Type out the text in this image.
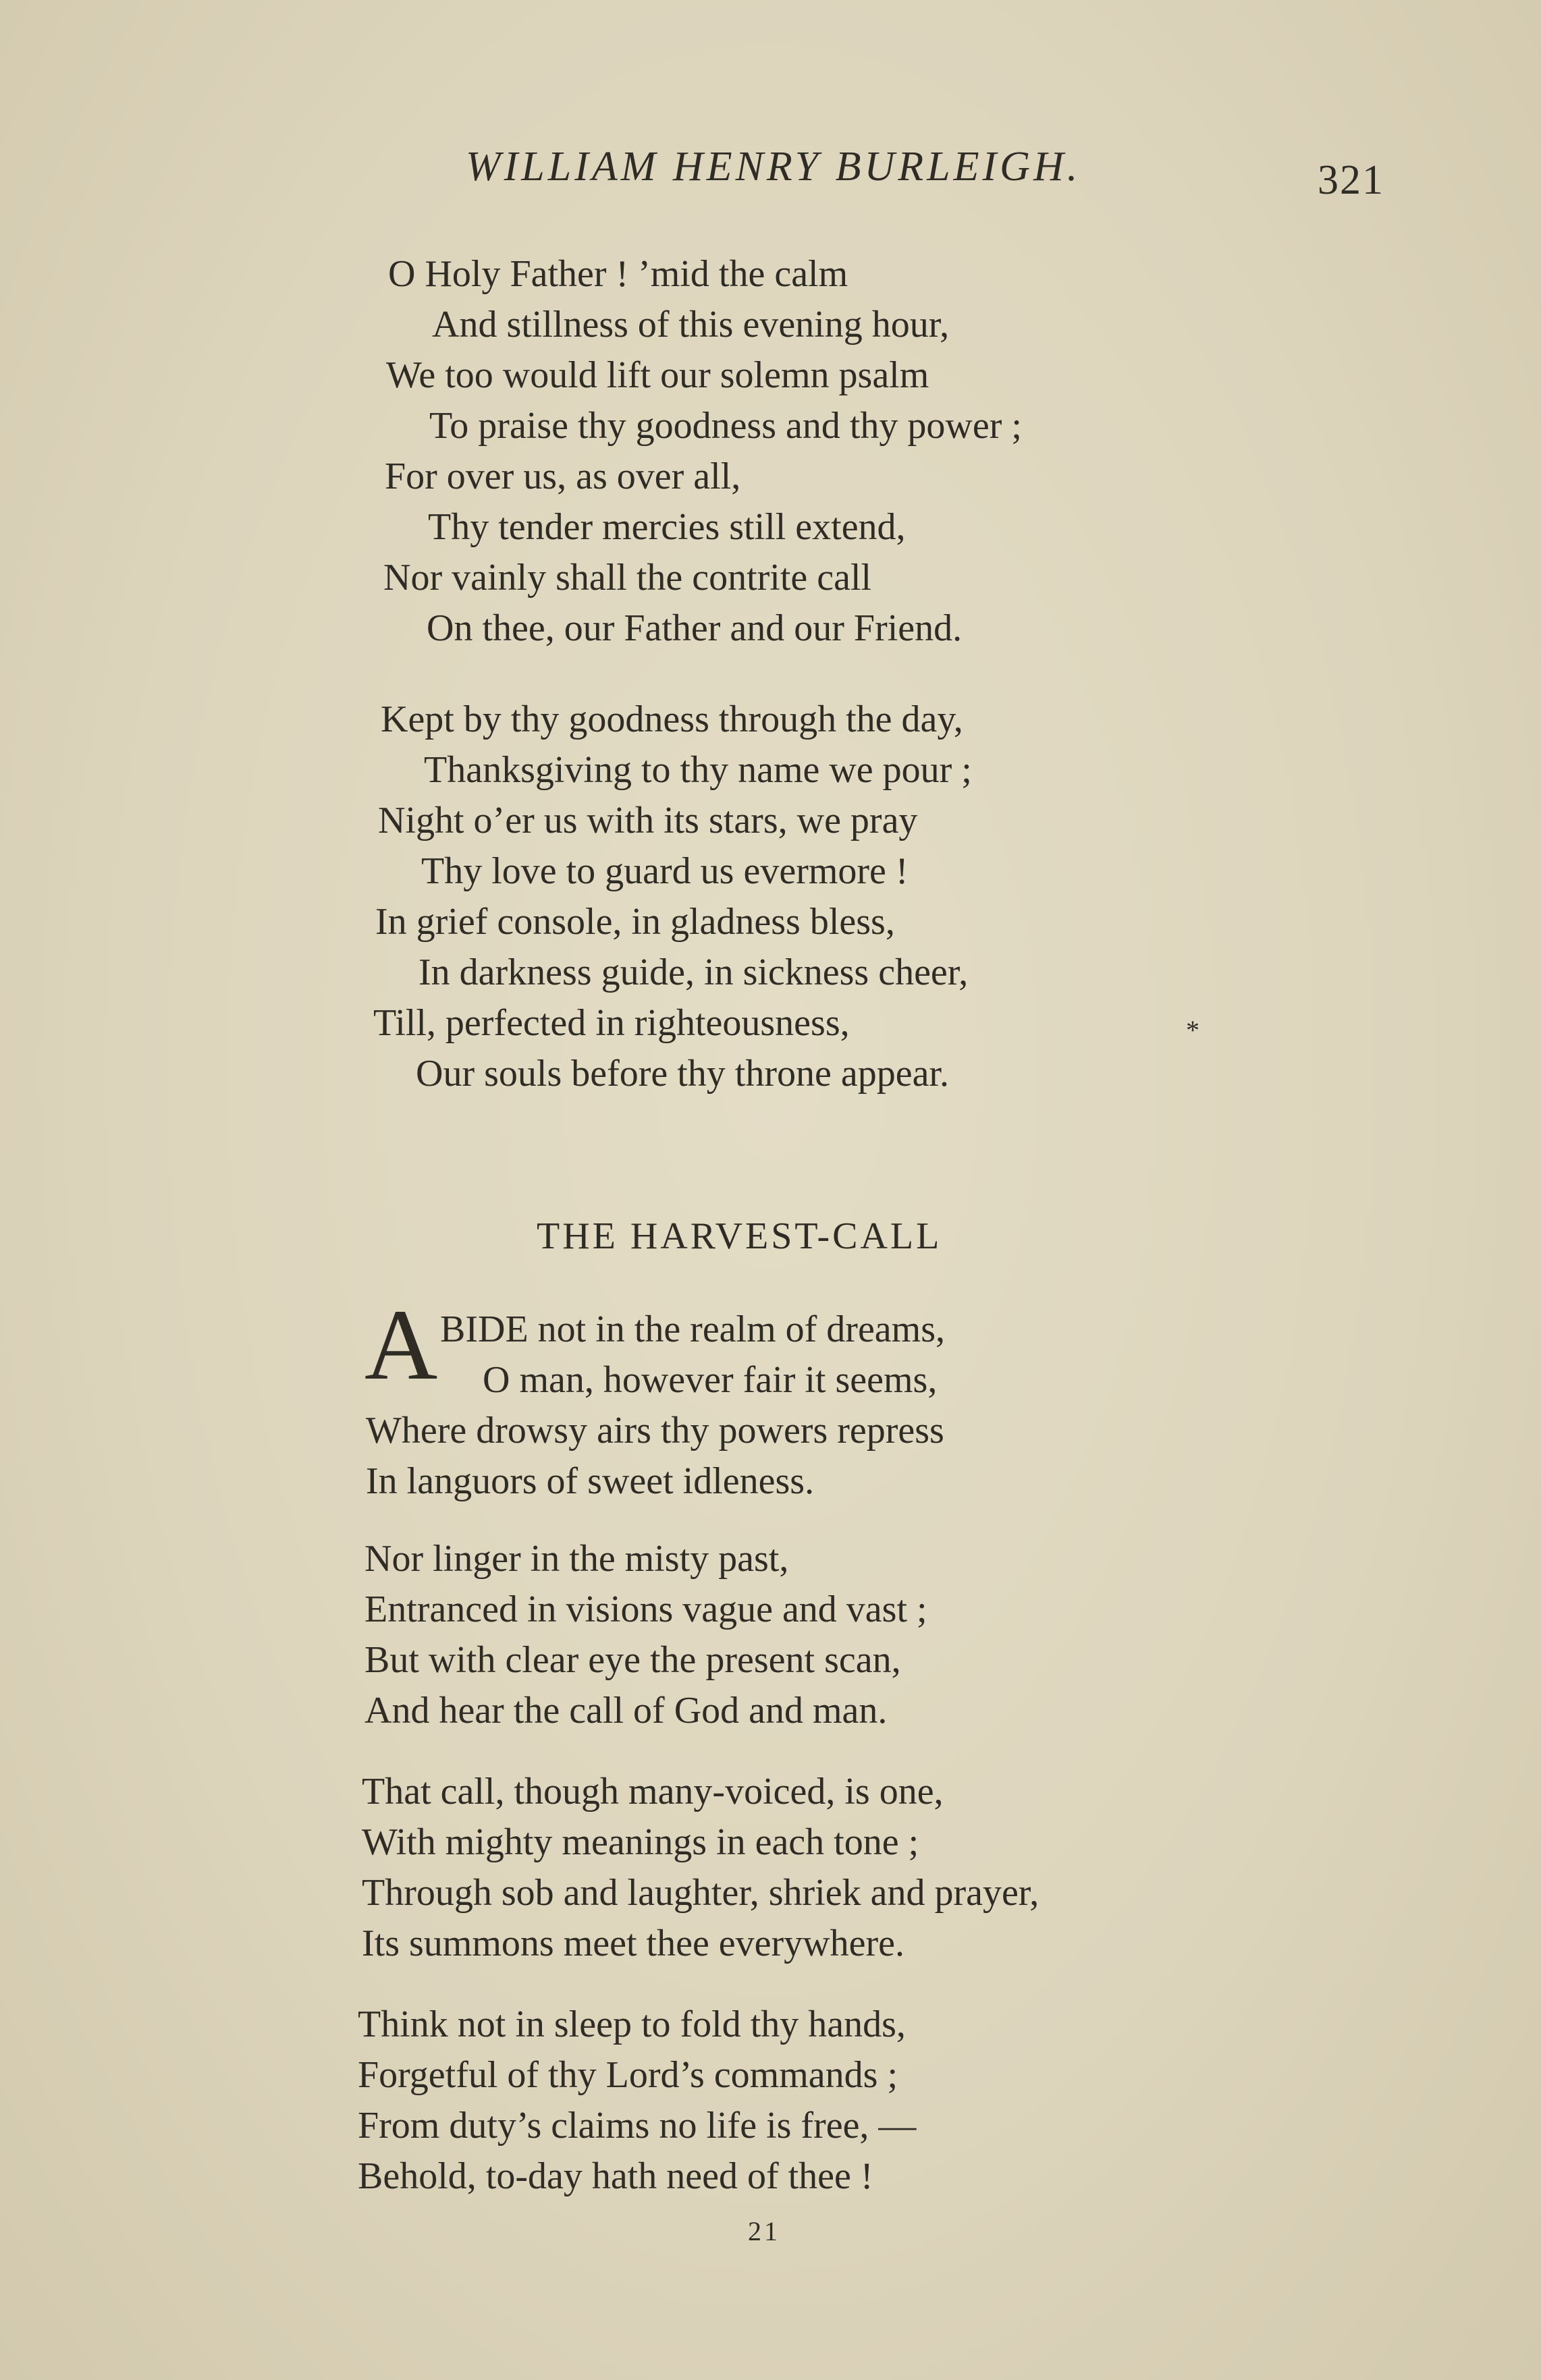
WILLIAM HENRY BURLEIGH.	321
O Holy Father ! ’mid the calm
And stillness of this evening hour,
We too would lift our solemn psalm
To praise thy goodness and thy power ;
For over us, as over all,
Thy tender mercies still extend,
Nor vainly shall the contrite call
On thee, our Father and our Friend.
Kept by thy goodness through the day,
Thanksgiving to thy name we pour ;
Night o’er us with its stars, we pray
Thy love to guard us evermore !
In grief console, in gladness bless,
In darkness guide, in sickness cheer,
Till, perfected in righteousness,
Our souls before thy throne appear.
*
THE HARVEST-CALL
A BIDE not in the realm of dreams,
O man, however fair it seems,
Where drowsy airs thy powers repress
In languors of sweet idleness.
Nor linger in the misty past,
Entranced in visions vague and vast ;
But with clear eye the present scan,
And hear the call of God and man.
That call, though many-voiced, is one,
With mighty meanings in each tone ;
Through sob and laughter, shriek and prayer,
Its summons meet thee everywhere.
Think not in sleep to fold thy hands,
Forgetful of thy Lord’s commands ;
From duty’s claims no life is free, —
Behold, to-day hath need of thee !
21
